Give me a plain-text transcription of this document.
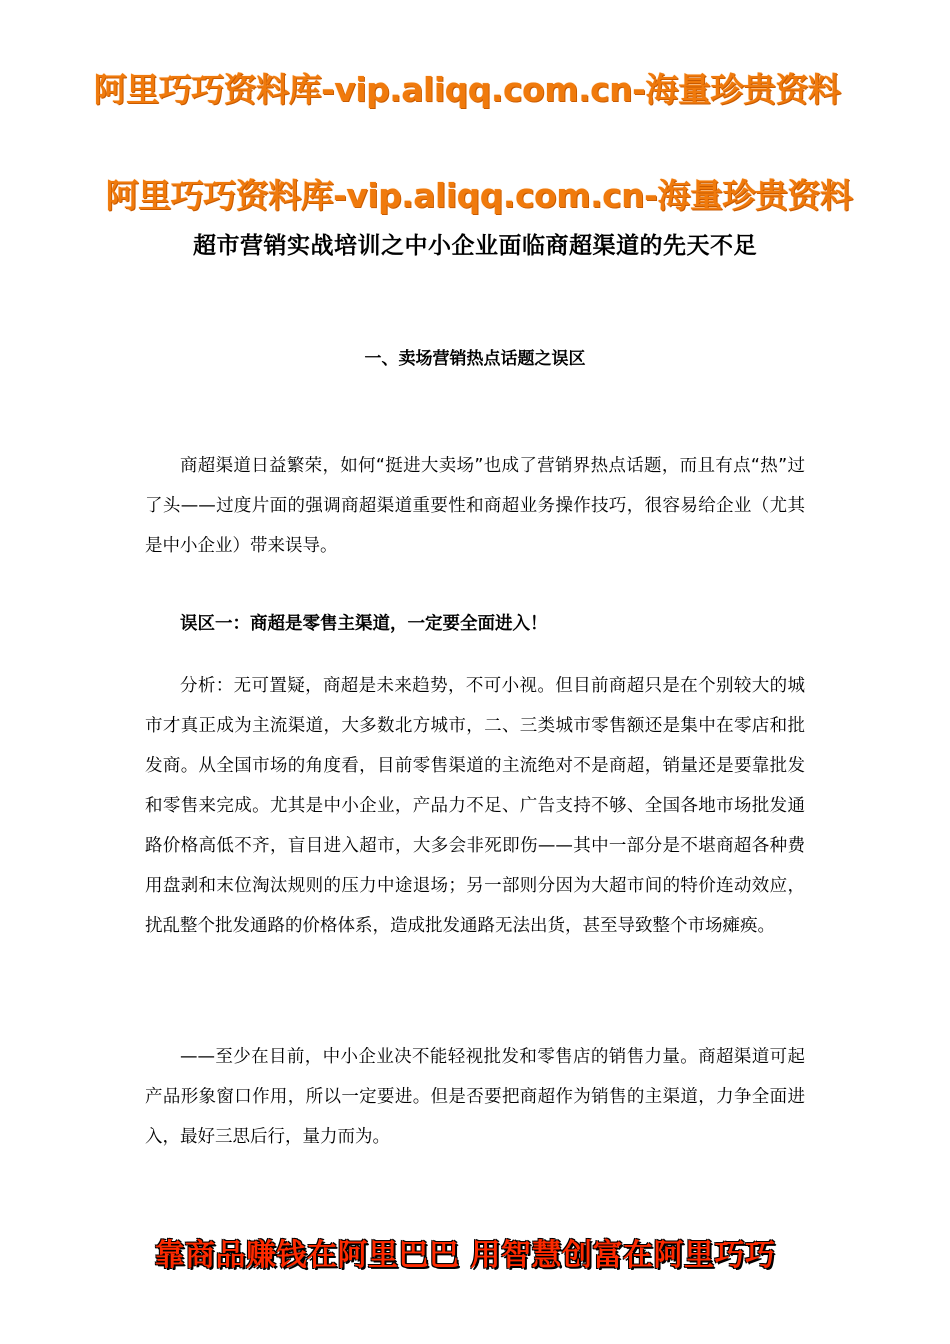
阿里巧巧资料库-vip.aliqq.com.cn-海量珍贵资料
阿里巧巧资料库-vip.aliqq.com.cn-海量珍贵资料
超市营销实战培训之中小企业面临商超渠道的先天不足
一、卖场营销热点话题之误区

商超渠道日益繁荣，如何“挺进大卖场”也成了营销界热点话题，而且有点“热”过了头——过度片面的强调商超渠道重要性和商超业务操作技巧，很容易给企业（尤其是中小企业）带来误导。

误区一：商超是零售主渠道，一定要全面进入！

分析：无可置疑，商超是未来趋势，不可小视。但目前商超只是在个别较大的城市才真正成为主流渠道，大多数北方城市，二、三类城市零售额还是集中在零店和批发商。从全国市场的角度看，目前零售渠道的主流绝对不是商超，销量还是要靠批发和零售来完成。尤其是中小企业，产品力不足、广告支持不够、全国各地市场批发通路价格高低不齐，盲目进入超市，大多会非死即伤——其中一部分是不堪商超各种费用盘剥和末位淘汰规则的压力中途退场；另一部则分因为大超市间的特价连动效应，扰乱整个批发通路的价格体系，造成批发通路无法出货，甚至导致整个市场瘫痪。

——至少在目前，中小企业决不能轻视批发和零售店的销售力量。商超渠道可起产品形象窗口作用，所以一定要进。但是否要把商超作为销售的主渠道，力争全面进入，最好三思后行，量力而为。

靠商品赚钱在阿里巴巴 用智慧创富在阿里巧巧
